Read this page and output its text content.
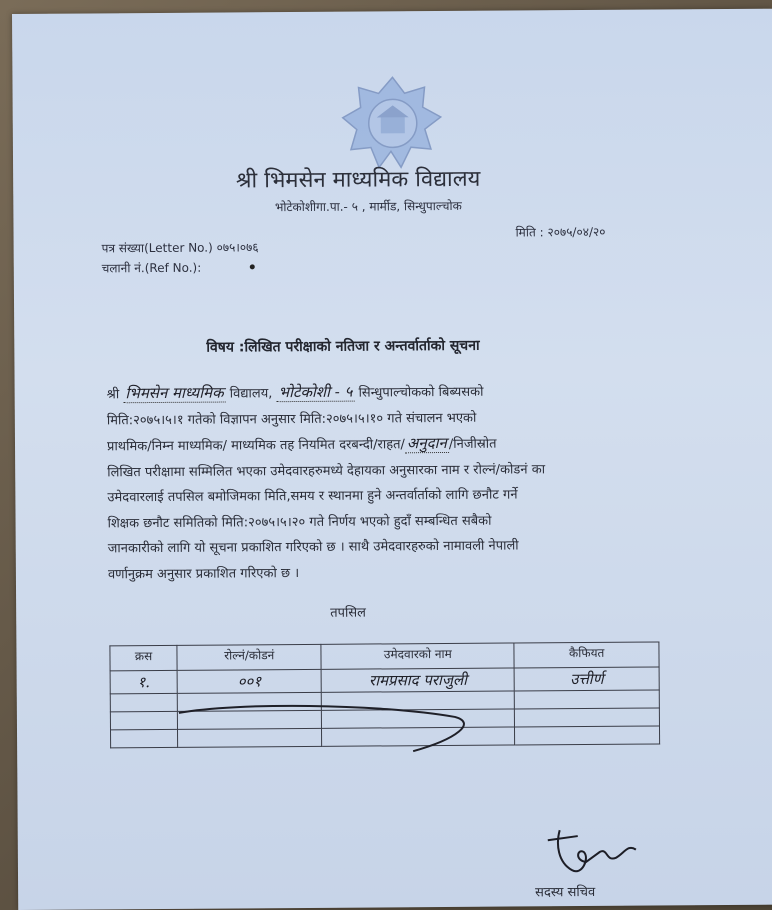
श्री भिमसेन माध्यमिक विद्यालय
भोटेकोशीगा.पा.- ५ , मार्मीड, सिन्धुपाल्चोक
मिति : २०७५/०४/२०
पत्र संख्या(Letter No.) ०७५।०७६
चलानी नं.(Ref No.):
विषय :लिखित परीक्षाको नतिजा र अन्तर्वार्ताको सूचना
श्री भिमसेन माध्यमिक विद्यालय, भोटेकोशी - ५ सिन्धुपाल्चोकको बिब्यसको
मिति:२०७५।५।१ गतेको विज्ञापन अनुसार मिति:२०७५।५।१० गते संचालन भएको
प्राथमिक/निम्न माध्यमिक/ माध्यमिक तह नियमित दरबन्दी/राहत/ अनुदान /निजीस्रोत
लिखित परीक्षामा सम्मिलित भएका उमेदवारहरुमध्ये देहायका अनुसारका नाम र रोल्नं/कोडनं का
उमेदवारलाई तपसिल बमोजिमका मिति,समय र स्थानमा हुने अन्तर्वार्ताको लागि छनौट गर्ने
शिक्षक छनौट समितिको मिति:२०७५।५।२० गते निर्णय भएको हुदाँ सम्बन्धित सबैको
जानकारीको लागि यो सूचना प्रकाशित गरिएको छ । साथै उमेदवारहरुको नामावली नेपाली
वर्णानुक्रम अनुसार प्रकाशित गरिएको छ ।
तपसिल
क्रस	रोल्नं/कोडनं	उमेदवारको नाम	कैफियत
१.	००१	रामप्रसाद पराजुली	उत्तीर्ण

सदस्य सचिव
